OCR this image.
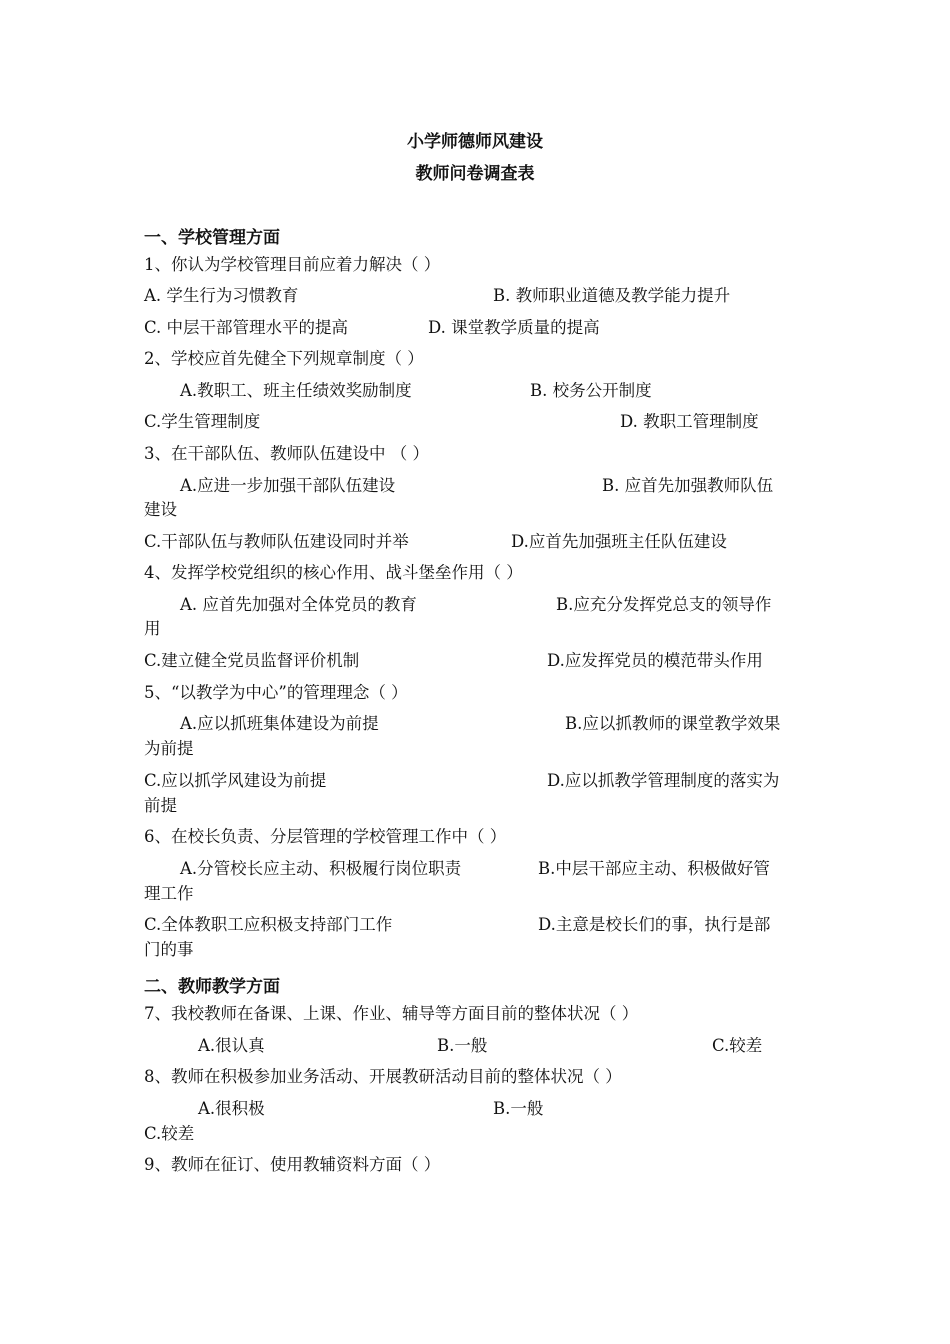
小学师德师风建设
教师问卷调查表
一、学校管理方面
1、你认为学校管理目前应着力解决（ ）
A. 学生行为习惯教育	B. 教师职业道德及教学能力提升
C. 中层干部管理水平的提高	D. 课堂教学质量的提高
2、学校应首先健全下列规章制度（ ）
A.教职工、班主任绩效奖励制度	B. 校务公开制度
C.学生管理制度	D. 教职工管理制度
3、在干部队伍、教师队伍建设中 （ ）
A.应进一步加强干部队伍建设	B. 应首先加强教师队伍
建设
C.干部队伍与教师队伍建设同时并举	D.应首先加强班主任队伍建设
4、发挥学校党组织的核心作用、战斗堡垒作用（ ）
A. 应首先加强对全体党员的教育	B.应充分发挥党总支的领导作
用
C.建立健全党员监督评价机制	D.应发挥党员的模范带头作用
5、“以教学为中心”的管理理念（ ）
A.应以抓班集体建设为前提	B.应以抓教师的课堂教学效果
为前提
C.应以抓学风建设为前提	D.应以抓教学管理制度的落实为
前提
6、在校长负责、分层管理的学校管理工作中（ ）
A.分管校长应主动、积极履行岗位职责	B.中层干部应主动、积极做好管
理工作
C.全体教职工应积极支持部门工作	D.主意是校长们的事，执行是部
门的事
二、教师教学方面
7、我校教师在备课、上课、作业、辅导等方面目前的整体状况（ ）
A.很认真	B.一般	C.较差
8、教师在积极参加业务活动、开展教研活动目前的整体状况（ ）
A.很积极	B.一般
C.较差
9、教师在征订、使用教辅资料方面（ ）
